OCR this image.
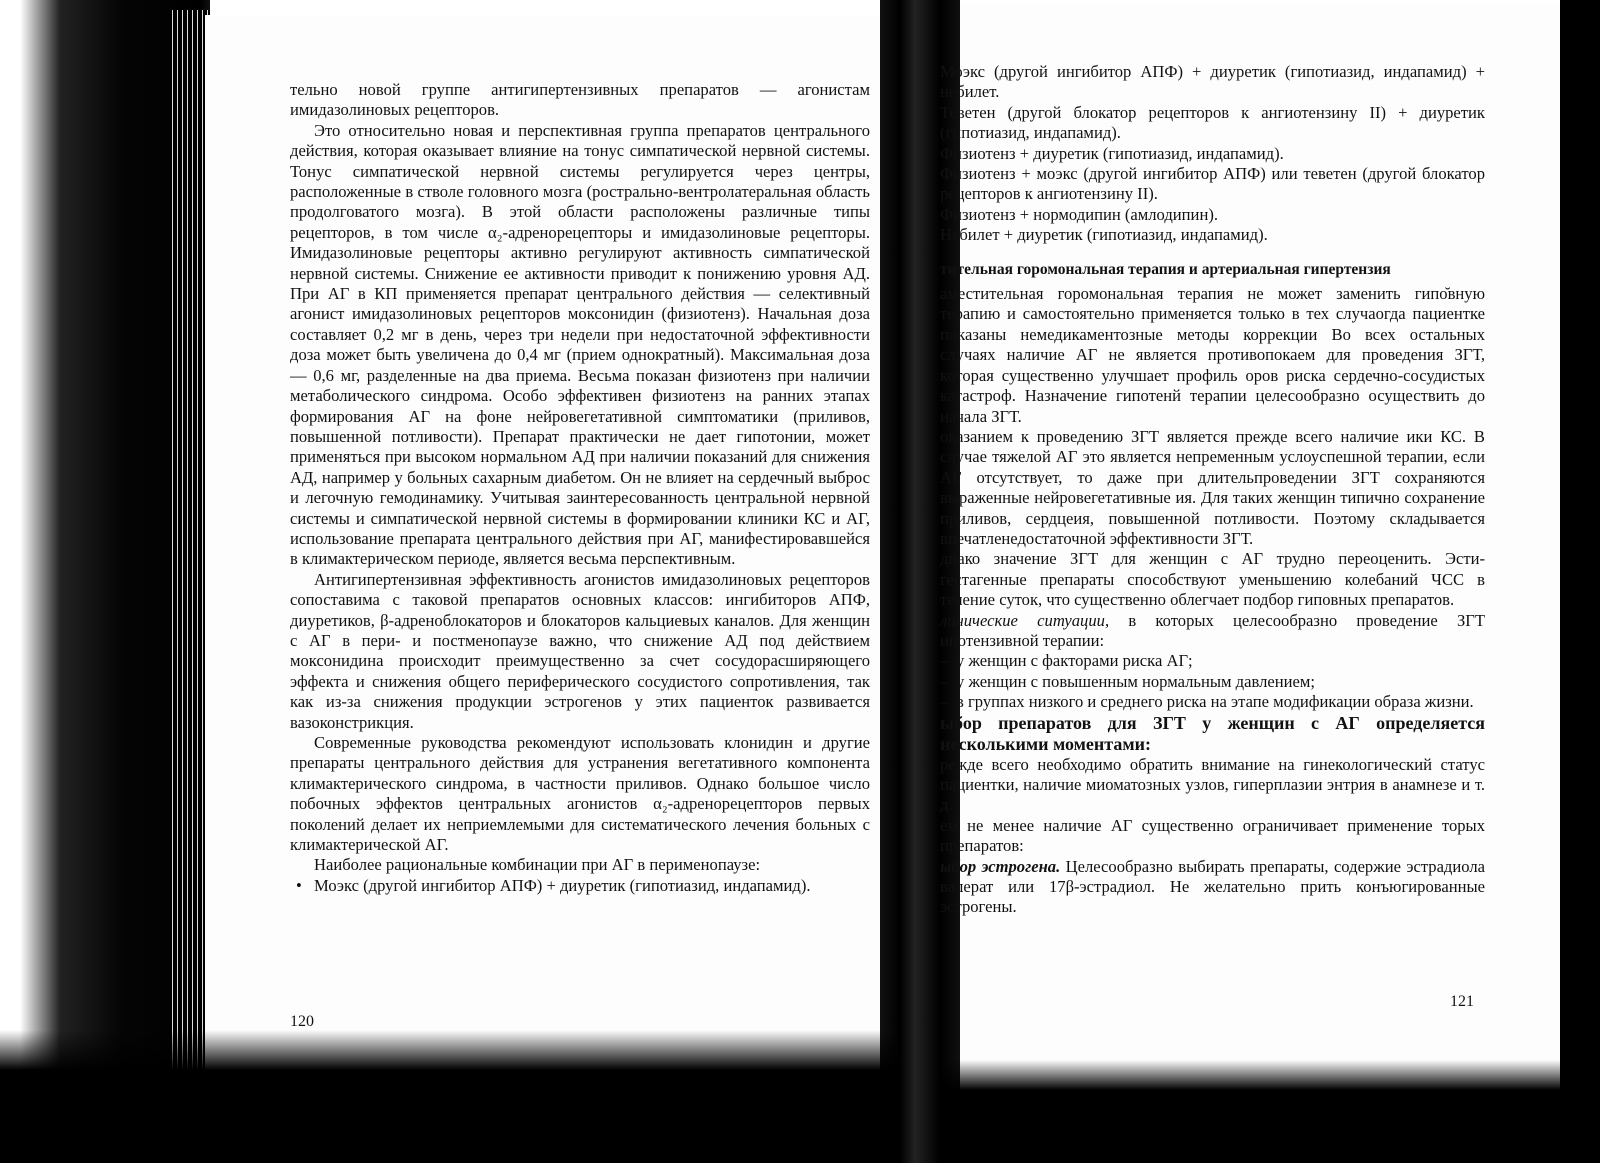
тельно новой группе антигипертензивных препаратов — агонистам имидазолиновых рецепторов.

Это относительно новая и перспективная группа препаратов центрального действия, которая оказывает влияние на тонус симпатической нервной системы. Тонус симпатической нервной системы регулируется через центры, расположенные в стволе головного мозга (рострально-вентролатеральная область продолговатого мозга). В этой области расположены различные типы рецепторов, в том числе α₂-адренорецепторы и имидазолиновые рецепторы. Имидазолиновые рецепторы активно регулируют активность симпатической нервной системы. Снижение ее активности приводит к понижению уровня АД. При АГ в КП применяется препарат центрального действия — селективный агонист имидазолиновых рецепторов моксонидин (физиотенз). Начальная доза составляет 0,2 мг в день, через три недели при недостаточной эффективности доза может быть увеличена до 0,4 мг (прием однократный). Максимальная доза — 0,6 мг, разделенные на два приема. Весьма показан физиотенз при наличии метаболического синдрома. Особо эффективен физиотенз на ранних этапах формирования АГ на фоне нейровегетативной симптоматики (приливов, повышенной потливости). Препарат практически не дает гипотонии, может применяться при высоком нормальном АД при наличии показаний для снижения АД, например у больных сахарным диабетом. Он не влияет на сердечный выброс и легочную гемодинамику. Учитывая заинтересованность центральной нервной системы и симпатической нервной системы в формировании клиники КС и АГ, использование препарата центрального действия при АГ, манифестировавшейся в климактерическом периоде, является весьма перспективным.

Антигипертензивная эффективность агонистов имидазолиновых рецепторов сопоставима с таковой препаратов основных классов: ингибиторов АПФ, диуретиков, β-адреноблокаторов и блокаторов кальциевых каналов. Для женщин с АГ в пери- и постменопаузе важно, что снижение АД под действием моксонидина происходит преимущественно за счет сосудорасширяющего эффекта и снижения общего периферического сосудистого сопротивления, так как из-за снижения продукции эстрогенов у этих пациенток развивается вазоконстрикция.

Современные руководства рекомендуют использовать клонидин и другие препараты центрального действия для устранения вегетативного компонента климактерического синдрома, в частности приливов. Однако большое число побочных эффектов центральных агонистов α₂-адренорецепторов первых поколений делает их неприемлемыми для систематического лечения больных с климактерической АГ.

Наиболее рациональные комбинации при АГ в перименопаузе:

• Моэкс (другой ингибитор АПФ) + диуретик (гипотиазид, индапамид).

120

Моэкс (другой ингибитор АПФ) + диуретик (гипотиазид, индапамид) + небилет.

Теветен (другой блокатор рецепторов к ангиотензину II) + диуретик (гипотиазид, индапамид).

Физиотенз + диуретик (гипотиазид, индапамид).

Физиотенз + моэкс (другой ингибитор АПФ) или теветен (другой блокатор рецепторов к ангиотензину II).

Физиотенз + нормодипин (амлодипин).

Небилет + диуретик (гипотиазид, индапамид).

тительная горомональная терапия и артериальная гипертензия

аместительная горомональная терапия не может заменить гипо̆вную терапию и самостоятельно применяется только в тех случаогда пациентке показаны немедикаментозные методы коррекции Во всех остальных случаях наличие АГ не является противопокаем для проведения ЗГТ, которая существенно улучшает профиль оров риска сердечно-сосудистых катастроф. Назначение гипотенй терапии целесообразно осуществить до начала ЗГТ.

оказанием к проведению ЗГТ является прежде всего наличие ики КС. В случае тяжелой АГ это является непременным услоуспешной терапии, если АГ отсутствует, то даже при длительпроведении ЗГТ сохраняются выраженные нейровегетативные ия. Для таких женщин типично сохранение приливов, сердцеия, повышенной потливости. Поэтому складывается впечатленедостаточной эффективности ЗГТ.

днако значение ЗГТ для женщин с АГ трудно переоценить. Эсти-гестагенные препараты способствуют уменьшению колебаний ЧСС в течение суток, что существенно облегчает подбор гиповных препаратов.

линические ситуации, в которых целесообразно проведение ЗГТ ипотензивной терапии:

– у женщин с факторами риска АГ;

– у женщин с повышенным нормальным давлением;

– в группах низкого и среднего риска на этапе модификации образа жизни.

ыбор препаратов для ЗГТ у женщин с АГ определяется несколькими моментами:

режде всего необходимо обратить внимание на гинекологический статус пациентки, наличие миоматозных узлов, гиперплазии энтрия в анамнезе и т. д.

ем не менее наличие АГ существенно ограничивает применение торых препаратов:

ыбор эстрогена. Целесообразно выбирать препараты, содержие эстрадиола валерат или 17β-эстрадиол. Не желательно прить конъюгированные эстрогены.

121
